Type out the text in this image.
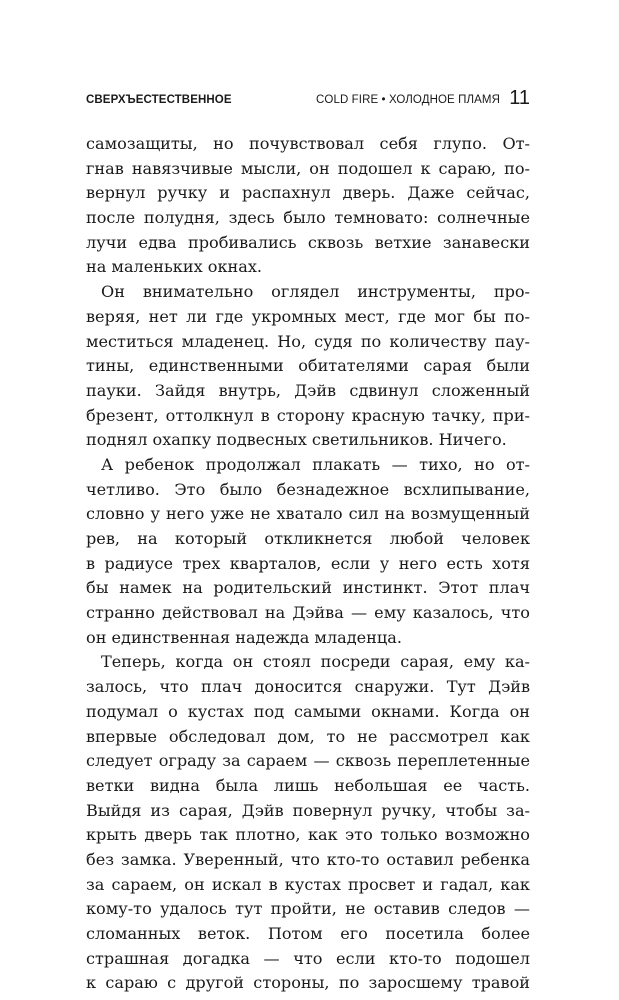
СВЕРХЪЕСТЕСТВЕННОЕ	COLD FIRE • ХОЛОДНОЕ ПЛАМЯ 11
самозащиты, но почувствовал себя глупо. От-
гнав навязчивые мысли, он подошел к сараю, по-
вернул ручку и распахнул дверь. Даже сейчас,
после полудня, здесь было темновато: солнечные
лучи едва пробивались сквозь ветхие занавески
на маленьких окнах.
Он внимательно оглядел инструменты, про-
веряя, нет ли где укромных мест, где мог бы по-
меститься младенец. Но, судя по количеству пау-
тины, единственными обитателями сарая были
пауки. Зайдя внутрь, Дэйв сдвинул сложенный
брезент, оттолкнул в сторону красную тачку, при-
поднял охапку подвесных светильников. Ничего.
А ребенок продолжал плакать — тихо, но от-
четливо. Это было безнадежное всхлипывание,
словно у него уже не хватало сил на возмущенный
рев, на который откликнется любой человек
в радиусе трех кварталов, если у него есть хотя
бы намек на родительский инстинкт. Этот плач
странно действовал на Дэйва — ему казалось, что
он единственная надежда младенца.
Теперь, когда он стоял посреди сарая, ему ка-
залось, что плач доносится снаружи. Тут Дэйв
подумал о кустах под самыми окнами. Когда он
впервые обследовал дом, то не рассмотрел как
следует ограду за сараем — сквозь переплетенные
ветки видна была лишь небольшая ее часть.
Выйдя из сарая, Дэйв повернул ручку, чтобы за-
крыть дверь так плотно, как это только возможно
без замка. Уверенный, что кто-то оставил ребенка
за сараем, он искал в кустах просвет и гадал, как
кому-то удалось тут пройти, не оставив следов —
сломанных веток. Потом его посетила более
страшная догадка — что если кто-то подошел
к сараю с другой стороны, по заросшему травой
